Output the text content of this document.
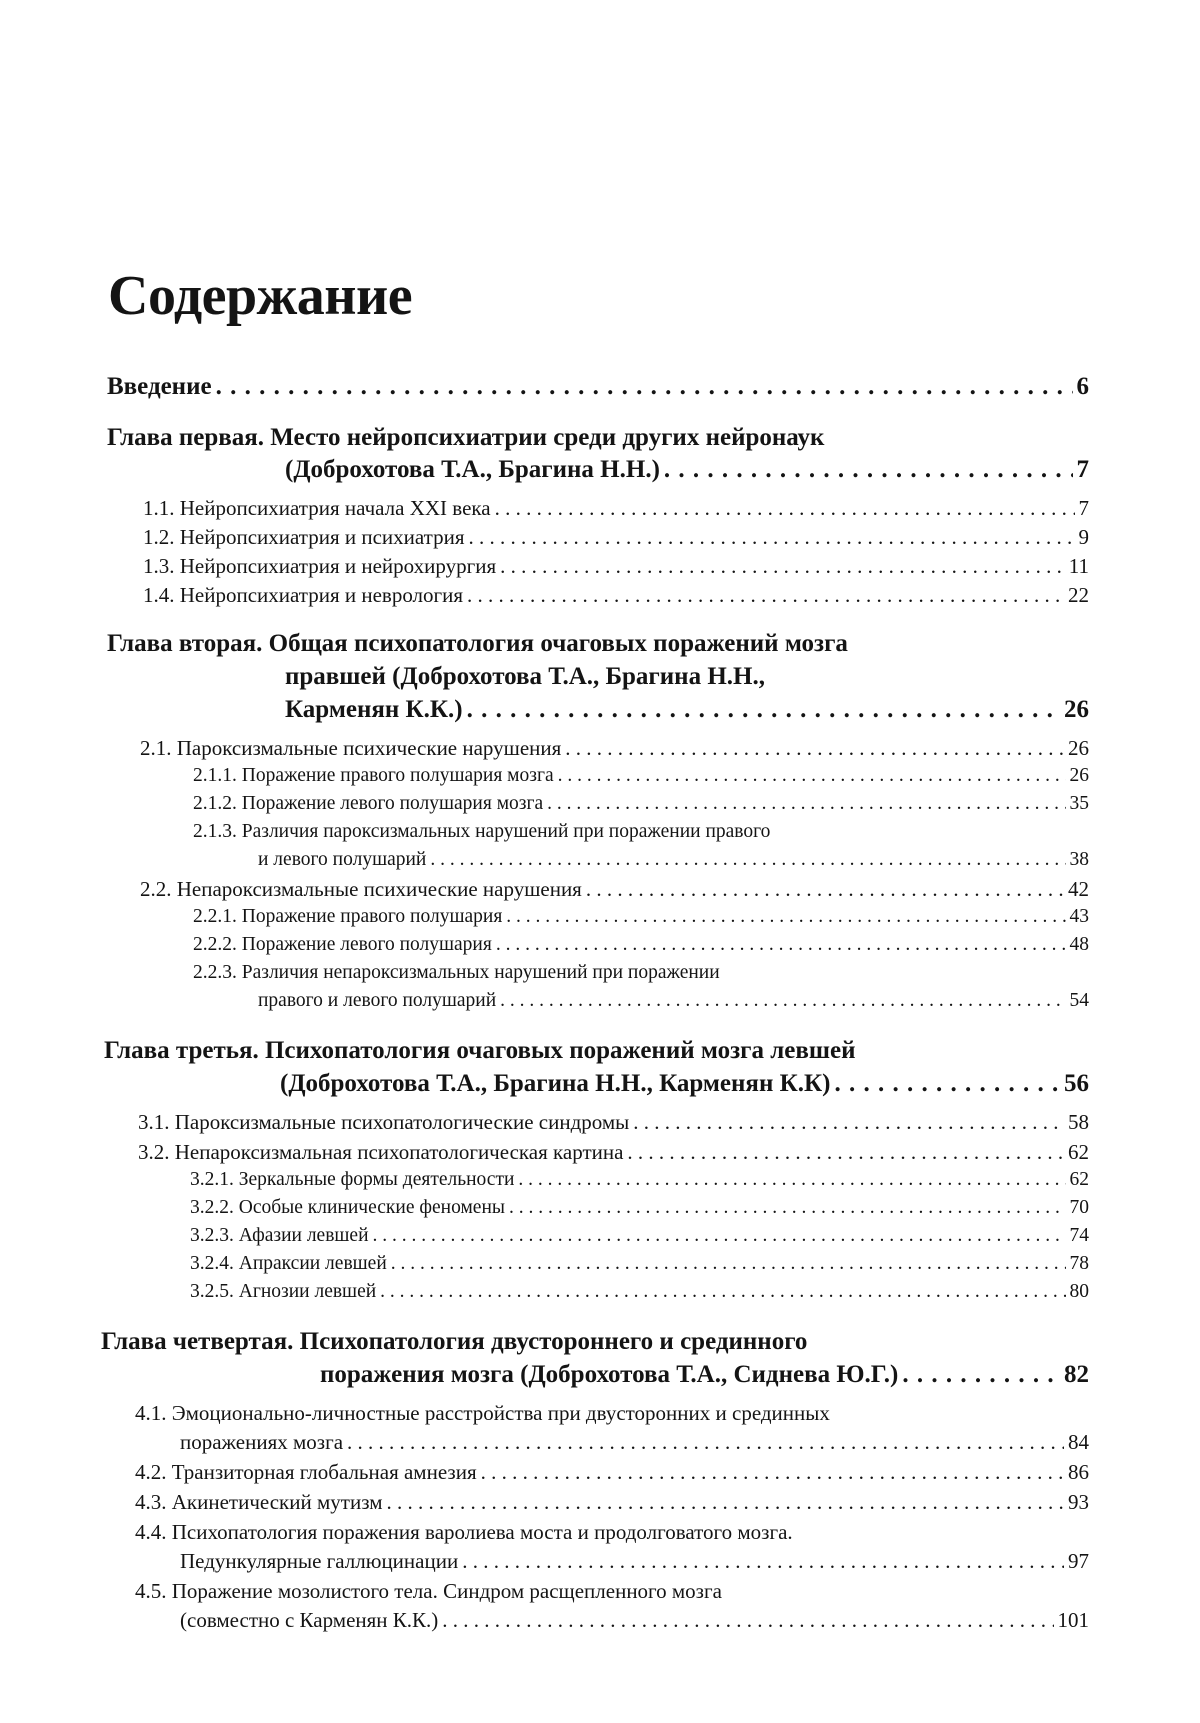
Содержание
Введение . . .	6
Глава первая. Место нейропсихиатрии среди других нейронаук
(Доброхотова Т.А., Брагина Н.Н.) . . .	7
1.1. Нейропсихиатрия начала XXI века . . .	7
1.2. Нейропсихиатрия и психиатрия . . .	9
1.3. Нейропсихиатрия и нейрохирургия . . .	11
1.4. Нейропсихиатрия и неврология . . .	22
Глава вторая. Общая психопатология очаговых поражений мозга
правшей (Доброхотова Т.А., Брагина Н.Н.,
Карменян К.К.) . . .	26
2.1. Пароксизмальные психические нарушения . . .	26
2.1.1. Поражение правого полушария мозга . . .	26
2.1.2. Поражение левого полушария мозга . . .	35
2.1.3. Различия пароксизмальных нарушений при поражении правого
и левого полушарий . . .	38
2.2. Непароксизмальные психические нарушения . . .	42
2.2.1. Поражение правого полушария . . .	43
2.2.2. Поражение левого полушария . . .	48
2.2.3. Различия непароксизмальных нарушений при поражении
правого и левого полушарий . . .	54
Глава третья. Психопатология очаговых поражений мозга левшей
(Доброхотова Т.А., Брагина Н.Н., Карменян К.К) . . .	56
3.1. Пароксизмальные психопатологические синдромы . . .	58
3.2. Непароксизмальная психопатологическая картина . . .	62
3.2.1. Зеркальные формы деятельности . . .	62
3.2.2. Особые клинические феномены . . .	70
3.2.3. Афазии левшей . . .	74
3.2.4. Апраксии левшей . . .	78
3.2.5. Агнозии левшей . . .	80
Глава четвертая. Психопатология двустороннего и срединного
поражения мозга (Доброхотова Т.А., Сиднева Ю.Г.) . . .	82
4.1. Эмоционально-личностные расстройства при двусторонних и срединных
поражениях мозга . . .	84
4.2. Транзиторная глобальная амнезия . . .	86
4.3. Акинетический мутизм . . .	93
4.4. Психопатология поражения варолиева моста и продолговатого мозга.
Педункулярные галлюцинации . . .	97
4.5. Поражение мозолистого тела. Синдром расщепленного мозга
(совместно с Карменян К.К.) . . .	101
